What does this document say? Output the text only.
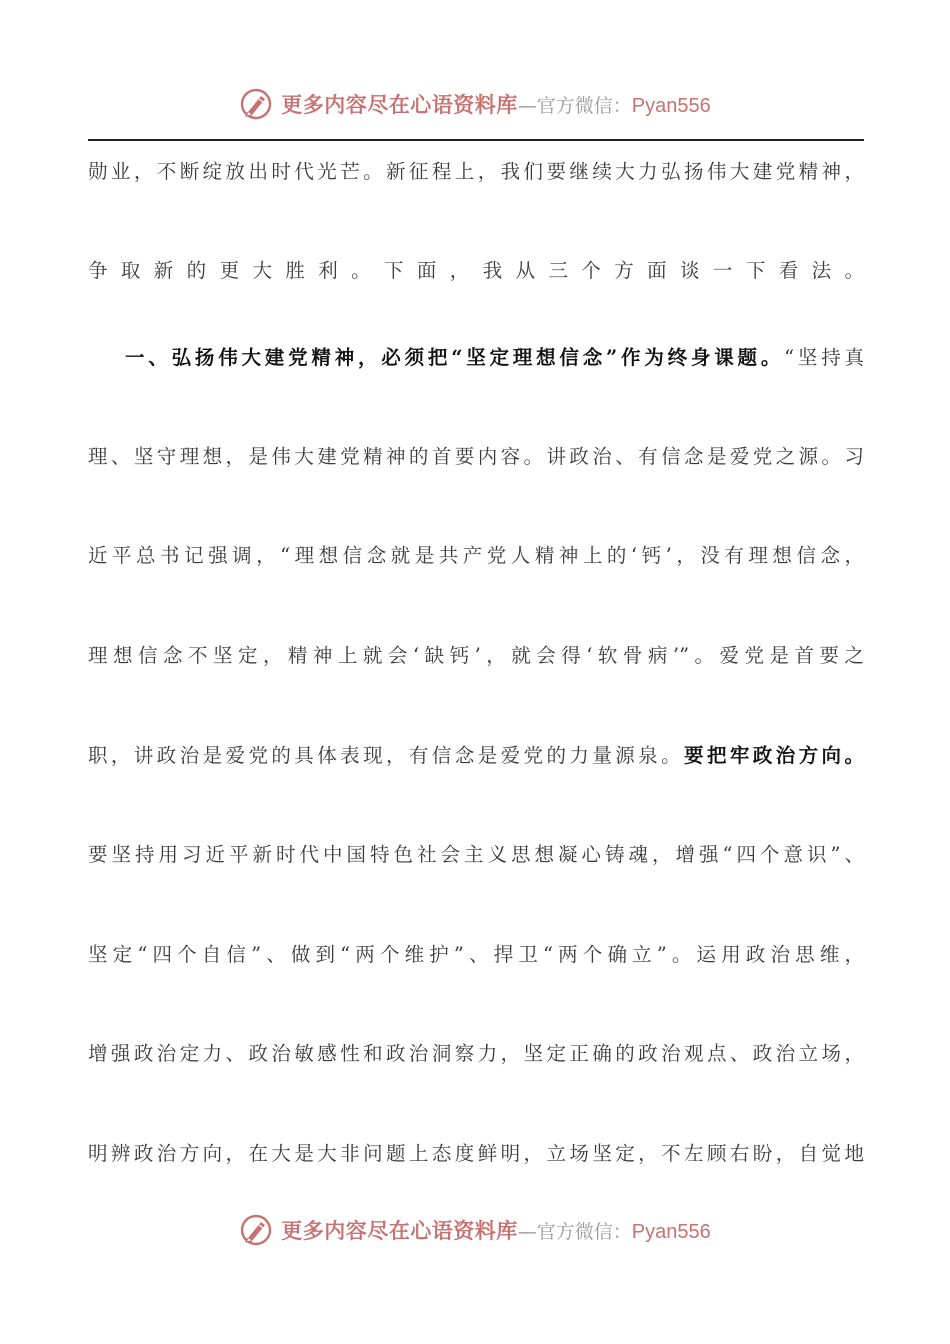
更多内容尽在心语资料库 — 官方微信： Pyan556
勋业，不断绽放出时代光芒。新征程上，我们要继续大力弘扬伟大建党精神，
争取新的更大胜利。下面，我从三个方面谈一下看法。
一、弘扬伟大建党精神，必须把“坚定理想信念”作为终身课题。“坚持真
理、坚守理想，是伟大建党精神的首要内容。讲政治、有信念是爱党之源。习
近平总书记强调，“理想信念就是共产党人精神上的‘钙’，没有理想信念，
理想信念不坚定，精神上就会‘缺钙’，就会得‘软骨病’”。爱党是首要之
职，讲政治是爱党的具体表现，有信念是爱党的力量源泉。要把牢政治方向。
要坚持用习近平新时代中国特色社会主义思想凝心铸魂，增强“四个意识”、
坚定“四个自信”、做到“两个维护”、捍卫“两个确立”。运用政治思维，
增强政治定力、政治敏感性和政治洞察力，坚定正确的政治观点、政治立场，
明辨政治方向，在大是大非问题上态度鲜明，立场坚定，不左顾右盼，自觉地
更多内容尽在心语资料库 — 官方微信： Pyan556
